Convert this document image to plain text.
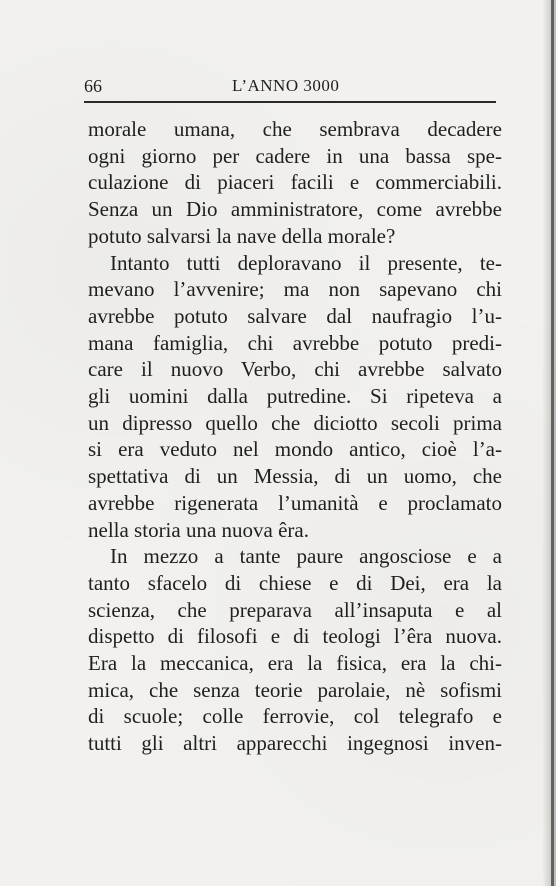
66	L’ANNO 3000
morale umana, che sembrava decadere
ogni giorno per cadere in una bassa spe-
culazione di piaceri facili e commerciabili.
Senza un Dio amministratore, come avrebbe
potuto salvarsi la nave della morale?
Intanto tutti deploravano il presente, te-
mevano l’avvenire; ma non sapevano chi
avrebbe potuto salvare dal naufragio l’u-
mana famiglia, chi avrebbe potuto predi-
care il nuovo Verbo, chi avrebbe salvato
gli uomini dalla putredine. Si ripeteva a
un dipresso quello che diciotto secoli prima
si era veduto nel mondo antico, cioè l’a-
spettativa di un Messia, di un uomo, che
avrebbe rigenerata l’umanità e proclamato
nella storia una nuova êra.
In mezzo a tante paure angosciose e a
tanto sfacelo di chiese e di Dei, era la
scienza, che preparava all’insaputa e al
dispetto di filosofi e di teologi l’êra nuova.
Era la meccanica, era la fisica, era la chi-
mica, che senza teorie parolaie, nè sofismi
di scuole; colle ferrovie, col telegrafo e
tutti gli altri apparecchi ingegnosi inven-
